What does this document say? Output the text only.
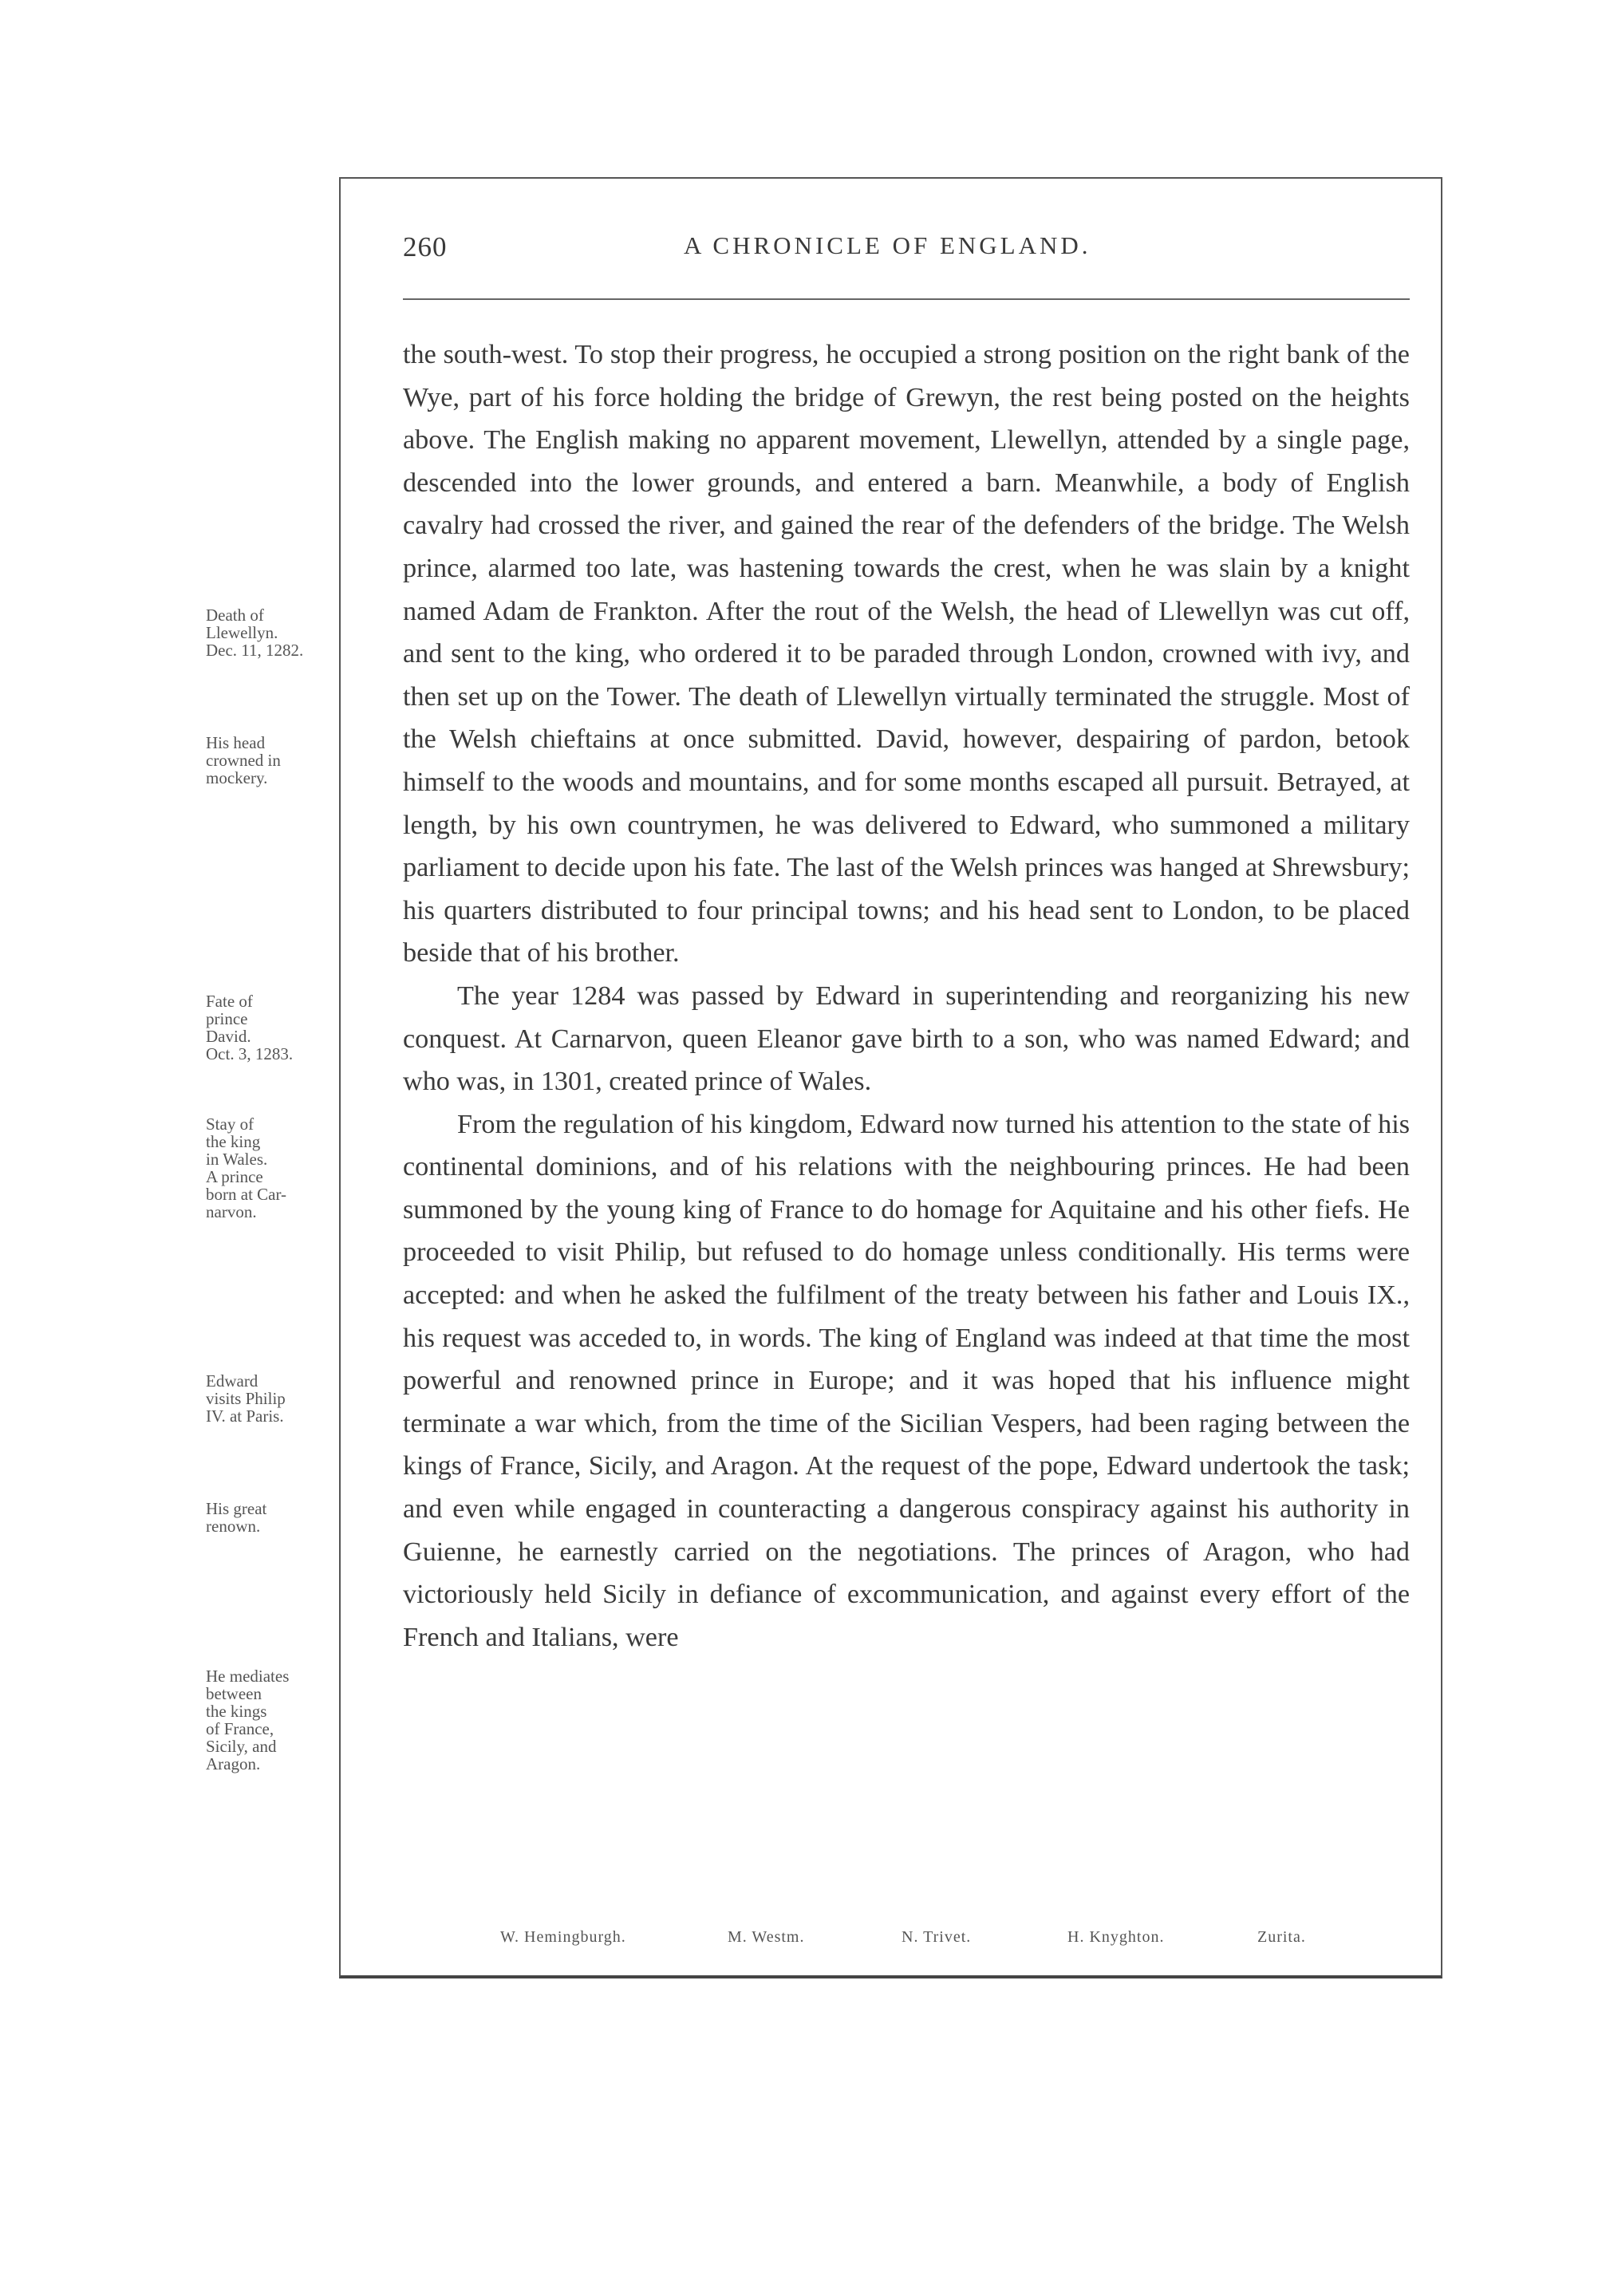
260	A CHRONICLE OF ENGLAND.
Death of
Llewellyn.
Dec. 11, 1282.
His head
crowned in
mockery.
Fate of
prince
David.
Oct. 3, 1283.
Stay of
the king
in Wales.
A prince
born at Car-
narvon.
Edward
visits Philip
IV. at Paris.
His great
renown.
He mediates
between
the kings
of France,
Sicily, and
Aragon.

the south-west. To stop their progress, he occupied a strong position on the right bank of the Wye, part of his force holding the bridge of Grewyn, the rest being posted on the heights above. The English making no apparent movement, Llewellyn, attended by a single page, descended into the lower grounds, and entered a barn. Meanwhile, a body of English cavalry had crossed the river, and gained the rear of the defenders of the bridge. The Welsh prince, alarmed too late, was hastening towards the crest, when he was slain by a knight named Adam de Frankton. After the rout of the Welsh, the head of Llewellyn was cut off, and sent to the king, who ordered it to be paraded through London, crowned with ivy, and then set up on the Tower. The death of Llewellyn virtually terminated the struggle. Most of the Welsh chieftains at once submitted. David, however, despairing of pardon, betook himself to the woods and mountains, and for some months escaped all pursuit. Betrayed, at length, by his own countrymen, he was delivered to Edward, who summoned a military parliament to decide upon his fate. The last of the Welsh princes was hanged at Shrewsbury; his quarters distributed to four principal towns; and his head sent to London, to be placed beside that of his brother.

The year 1284 was passed by Edward in superintending and reorganizing his new conquest. At Carnarvon, queen Eleanor gave birth to a son, who was named Edward; and who was, in 1301, created prince of Wales.

From the regulation of his kingdom, Edward now turned his attention to the state of his continental dominions, and of his relations with the neighbouring princes. He had been summoned by the young king of France to do homage for Aquitaine and his other fiefs. He proceeded to visit Philip, but refused to do homage unless conditionally. His terms were accepted: and when he asked the fulfilment of the treaty between his father and Louis IX., his request was acceded to, in words. The king of England was indeed at that time the most powerful and renowned prince in Europe; and it was hoped that his influence might terminate a war which, from the time of the Sicilian Vespers, had been raging between the kings of France, Sicily, and Aragon. At the request of the pope, Edward undertook the task; and even while engaged in counteracting a dangerous conspiracy against his authority in Guienne, he earnestly carried on the negotiations. The princes of Aragon, who had victoriously held Sicily in defiance of excommunication, and against every effort of the French and Italians, were

W. Hemingburgh.	M. Westm.	N. Trivet.	H. Knyghton.	Zurita.
